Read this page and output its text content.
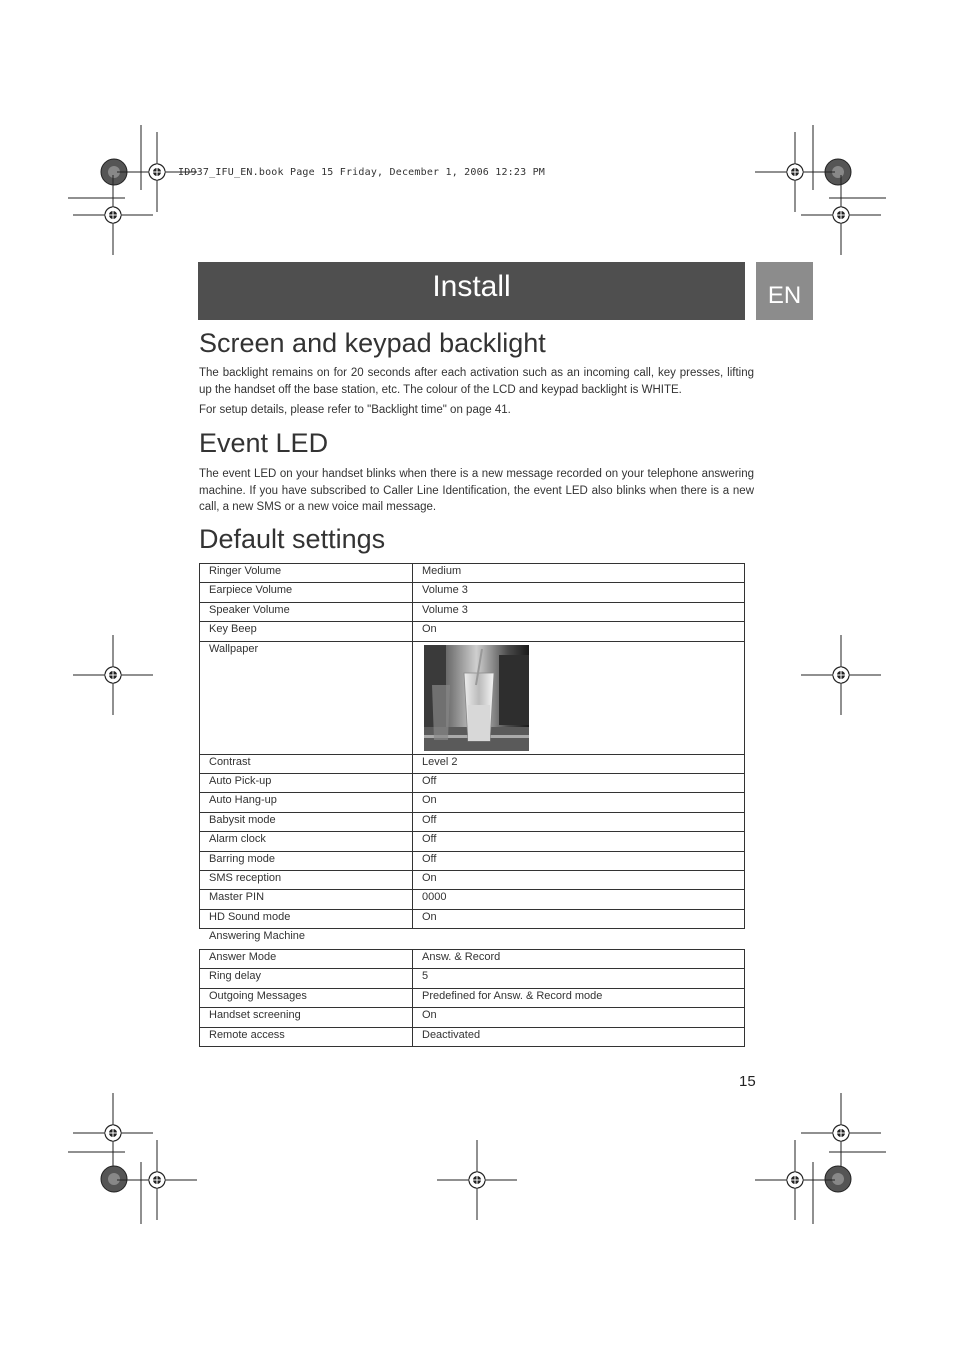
ID937_IFU_EN.book Page 15 Friday, December 1, 2006 12:23 PM
Install	EN
Screen and keypad backlight

The backlight remains on for 20 seconds after each activation such as an incoming call, key presses, lifting up the handset off the base station, etc. The colour of the LCD and keypad backlight is WHITE.

For setup details, please refer to "Backlight time" on page 41.

Event LED

The event LED on your handset blinks when there is a new message recorded on your telephone answering machine. If you have subscribed to Caller Line Identification, the event LED also blinks when there is a new call, a new SMS or a new voice mail message.

Default settings
Ringer Volume	Medium
Earpiece Volume	Volume 3
Speaker Volume	Volume 3
Key Beep	On
Wallpaper	
Contrast	Level 2
Auto Pick-up	Off
Auto Hang-up	On
Babysit mode	Off
Alarm clock	Off
Barring mode	Off
SMS reception	On
Master PIN	0000
HD Sound mode	On
Answering Machine
Answer Mode	Answ. & Record
Ring delay	5
Outgoing Messages	Predefined for Answ. & Record mode
Handset screening	On
Remote access	Deactivated
15
